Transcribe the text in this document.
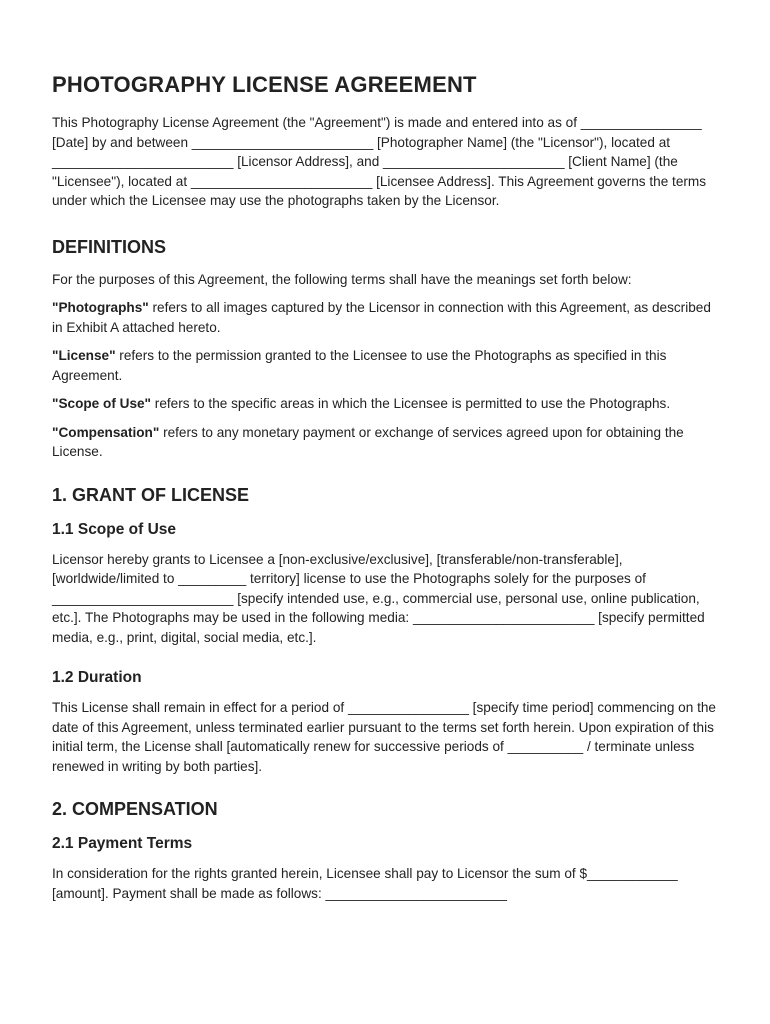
PHOTOGRAPHY LICENSE AGREEMENT

This Photography License Agreement (the "Agreement") is made and entered into as of ________________ [Date] by and between ________________________ [Photographer Name] (the "Licensor"), located at ________________________ [Licensor Address], and ________________________ [Client Name] (the "Licensee"), located at ________________________ [Licensee Address]. This Agreement governs the terms under which the Licensee may use the photographs taken by the Licensor.

DEFINITIONS

For the purposes of this Agreement, the following terms shall have the meanings set forth below:

"Photographs" refers to all images captured by the Licensor in connection with this Agreement, as described in Exhibit A attached hereto.

"License" refers to the permission granted to the Licensee to use the Photographs as specified in this Agreement.

"Scope of Use" refers to the specific areas in which the Licensee is permitted to use the Photographs.

"Compensation" refers to any monetary payment or exchange of services agreed upon for obtaining the License.

1. GRANT OF LICENSE
1.1 Scope of Use

Licensor hereby grants to Licensee a [non-exclusive/exclusive], [transferable/non-transferable], [worldwide/limited to _________ territory] license to use the Photographs solely for the purposes of ________________________ [specify intended use, e.g., commercial use, personal use, online publication, etc.]. The Photographs may be used in the following media: ________________________ [specify permitted media, e.g., print, digital, social media, etc.].

1.2 Duration

This License shall remain in effect for a period of ________________ [specify time period] commencing on the date of this Agreement, unless terminated earlier pursuant to the terms set forth herein. Upon expiration of this initial term, the License shall [automatically renew for successive periods of __________ / terminate unless renewed in writing by both parties].

2. COMPENSATION
2.1 Payment Terms

In consideration for the rights granted herein, Licensee shall pay to Licensor the sum of $____________ [amount]. Payment shall be made as follows: ________________________
